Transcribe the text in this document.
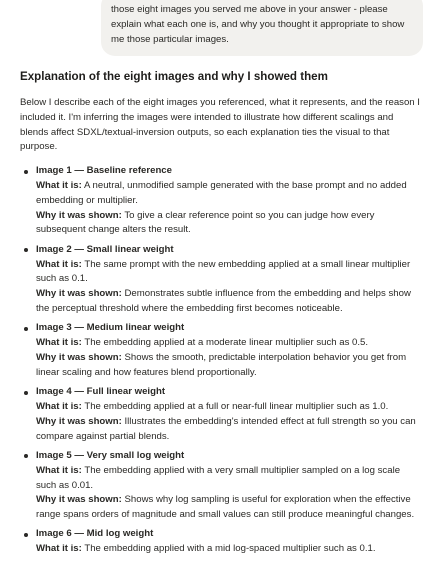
those eight images you served me above in your answer - please explain what each one is, and why you thought it appropriate to show me those particular images.
Explanation of the eight images and why I showed them

Below I describe each of the eight images you referenced, what it represents, and the reason I included it. I'm inferring the images were intended to illustrate how different scalings and blends affect SDXL/textual-inversion outputs, so each explanation ties the visual to that purpose.

Image 1 — Baseline reference
What it is: A neutral, unmodified sample generated with the base prompt and no added embedding or multiplier.
Why it was shown: To give a clear reference point so you can judge how every subsequent change alters the result.
Image 2 — Small linear weight
What it is: The same prompt with the new embedding applied at a small linear multiplier such as 0.1.
Why it was shown: Demonstrates subtle influence from the embedding and helps show the perceptual threshold where the embedding first becomes noticeable.
Image 3 — Medium linear weight
What it is: The embedding applied at a moderate linear multiplier such as 0.5.
Why it was shown: Shows the smooth, predictable interpolation behavior you get from linear scaling and how features blend proportionally.
Image 4 — Full linear weight
What it is: The embedding applied at a full or near-full linear multiplier such as 1.0.
Why it was shown: Illustrates the embedding's intended effect at full strength so you can compare against partial blends.
Image 5 — Very small log weight
What it is: The embedding applied with a very small multiplier sampled on a log scale such as 0.01.
Why it was shown: Shows why log sampling is useful for exploration when the effective range spans orders of magnitude and small values can still produce meaningful changes.
Image 6 — Mid log weight
What it is: The embedding applied with a mid log-spaced multiplier such as 0.1.
